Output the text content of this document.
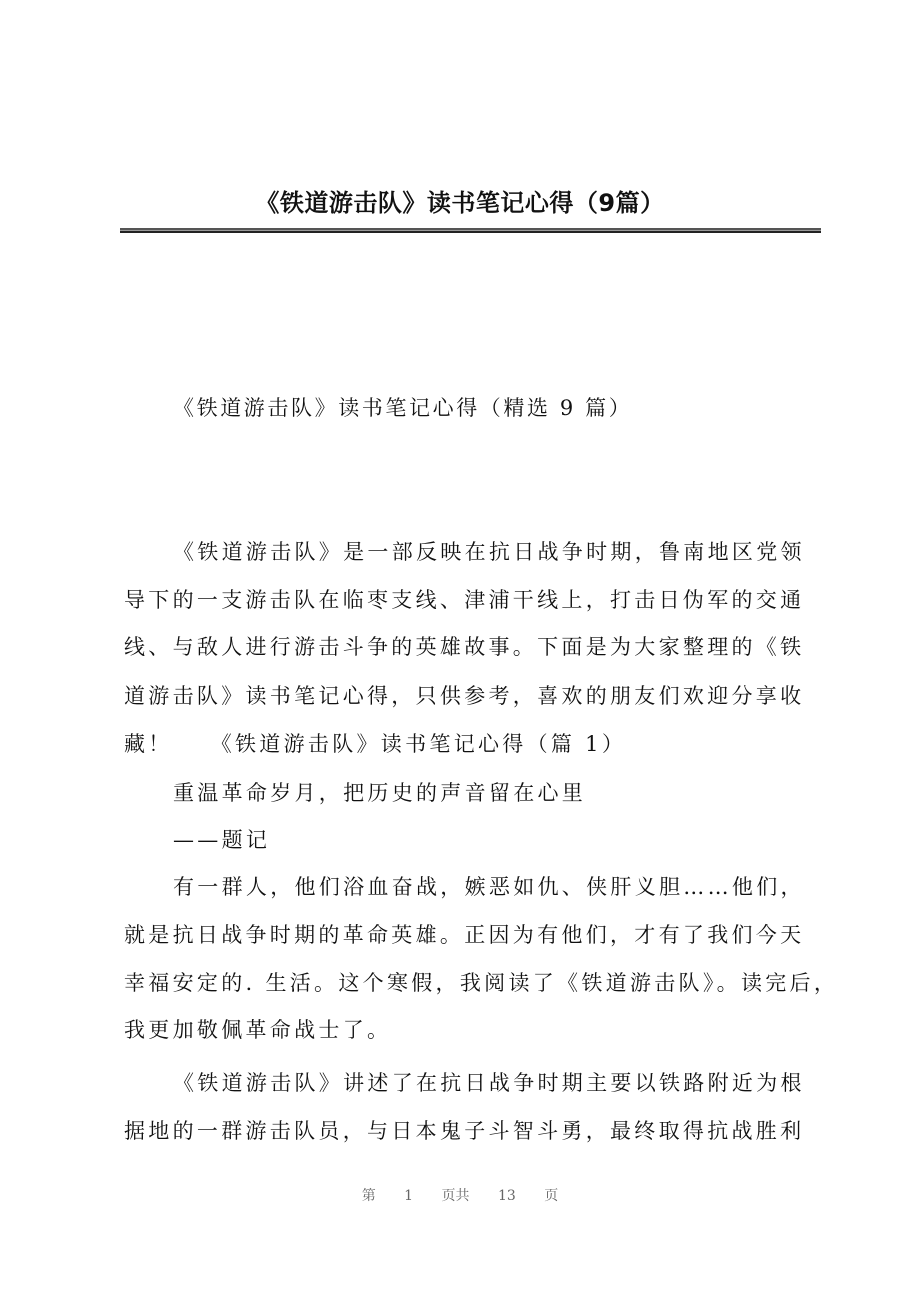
《铁道游击队》读书笔记心得（9篇）
《铁道游击队》读书笔记心得（精选 9 篇）
《铁道游击队》是一部反映在抗日战争时期，鲁南地区党领
导下的一支游击队在临枣支线、津浦干线上，打击日伪军的交通
线、与敌人进行游击斗争的英雄故事。下面是为大家整理的《铁
道游击队》读书笔记心得，只供参考，喜欢的朋友们欢迎分享收
藏！　　《铁道游击队》读书笔记心得（篇 1）
重温革命岁月，把历史的声音留在心里
——题记
有一群人，他们浴血奋战，嫉恶如仇、侠肝义胆……他们，
就是抗日战争时期的革命英雄。正因为有他们，才有了我们今天
幸福安定的. 生活。这个寒假，我阅读了《铁道游击队》。读完后，
我更加敬佩革命战士了。
《铁道游击队》讲述了在抗日战争时期主要以铁路附近为根
据地的一群游击队员，与日本鬼子斗智斗勇，最终取得抗战胜利
第 1 页共 13 页
